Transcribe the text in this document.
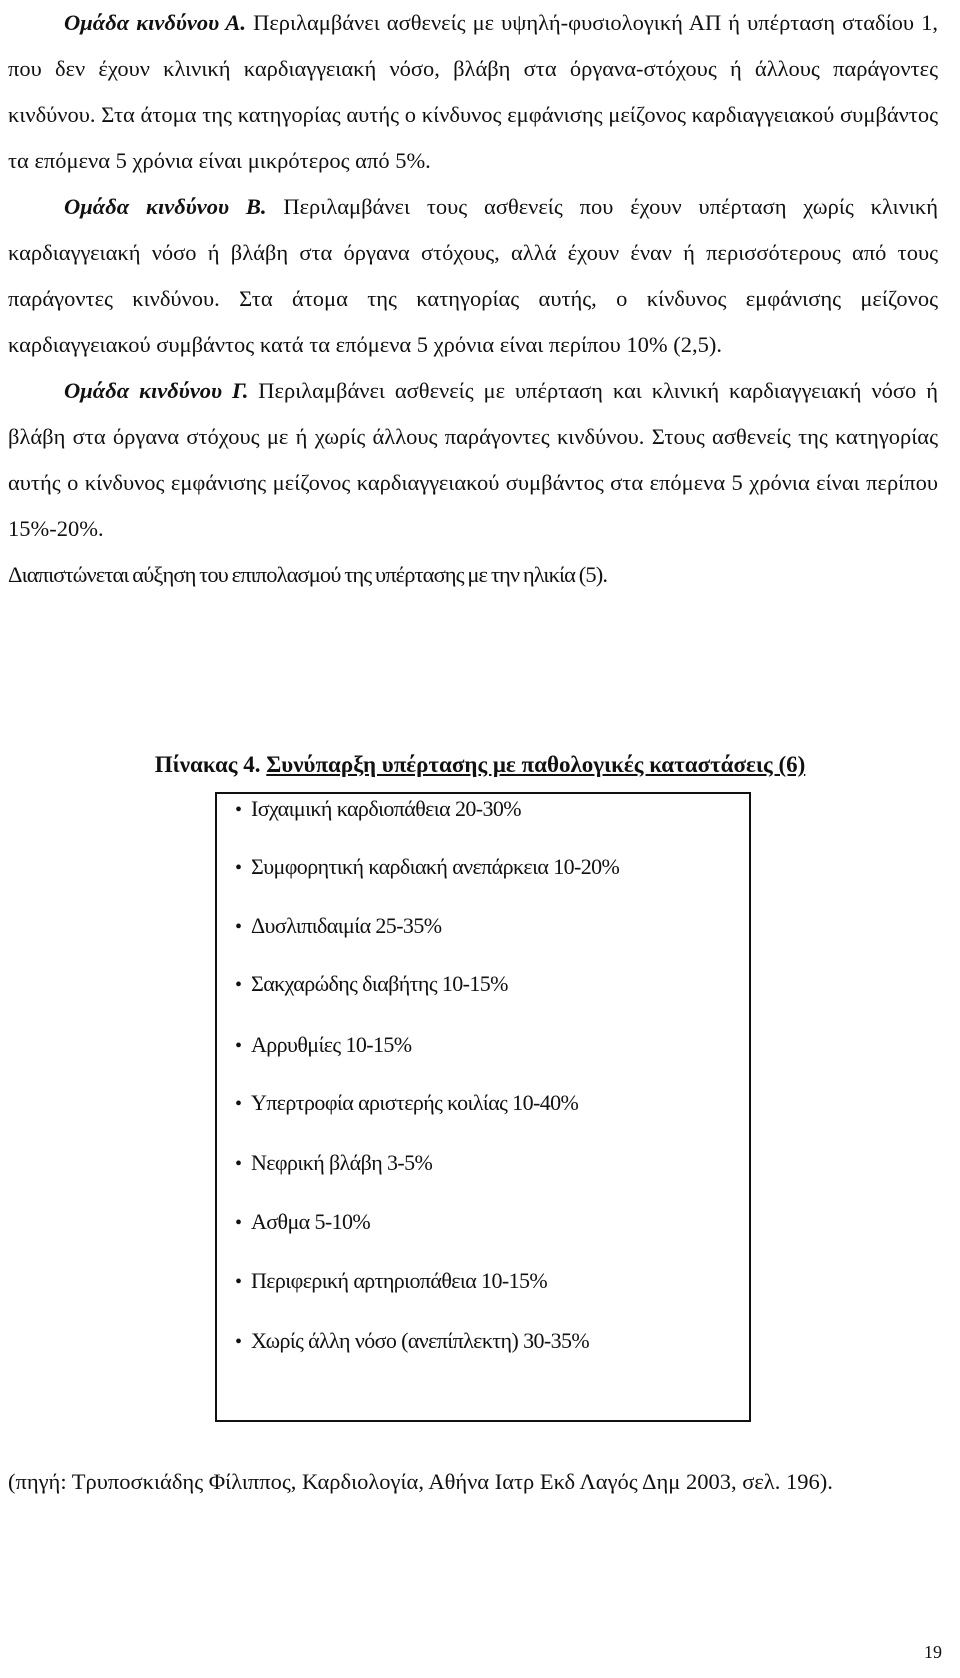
Ομάδα κινδύνου Α. Περιλαμβάνει ασθενείς με υψηλή-φυσιολογική ΑΠ ή υπέρταση σταδίου 1, που δεν έχουν κλινική καρδιαγγειακή νόσο, βλάβη στα όργανα-στόχους ή άλλους παράγοντες κινδύνου. Στα άτομα της κατηγορίας αυτής ο κίνδυνος εμφάνισης μείζονος καρδιαγγειακού συμβάντος τα επόμενα 5 χρόνια είναι μικρότερος από 5%.

Ομάδα κινδύνου Β. Περιλαμβάνει τους ασθενείς που έχουν υπέρταση χωρίς κλινική καρδιαγγειακή νόσο ή βλάβη στα όργανα στόχους, αλλά έχουν έναν ή περισσότερους από τους παράγοντες κινδύνου. Στα άτομα της κατηγορίας αυτής, ο κίνδυνος εμφάνισης μείζονος καρδιαγγειακού συμβάντος κατά τα επόμενα 5 χρόνια είναι περίπου 10% (2,5).

Ομάδα κινδύνου Γ. Περιλαμβάνει ασθενείς με υπέρταση και κλινική καρδιαγγειακή νόσο ή βλάβη στα όργανα στόχους με ή χωρίς άλλους παράγοντες κινδύνου. Στους ασθενείς της κατηγορίας αυτής ο κίνδυνος εμφάνισης μείζονος καρδιαγγειακού συμβάντος στα επόμενα 5 χρόνια είναι περίπου 15%-20%.
Διαπιστώνεται αύξηση του επιπολασμού της υπέρτασης με την ηλικία (5).

Πίνακας 4. Συνύπαρξη υπέρτασης με παθολογικές καταστάσεις (6)

• Ισχαιμική καρδιοπάθεια 20-30%
• Συμφορητική καρδιακή ανεπάρκεια 10-20%
• Δυσλιπιδαιμία 25-35%
• Σακχαρώδης διαβήτης 10-15%
• Αρρυθμίες 10-15%
• Υπερτροφία αριστερής κοιλίας 10-40%
• Νεφρική βλάβη 3-5%
• Ασθμα 5-10%
• Περιφερική αρτηριοπάθεια 10-15%
• Χωρίς άλλη νόσο (ανεπίπλεκτη) 30-35%

(πηγή: Τρυποσκιάδης Φίλιππος, Καρδιολογία, Αθήνα Ιατρ Εκδ Λαγός Δημ 2003, σελ. 196).

19
